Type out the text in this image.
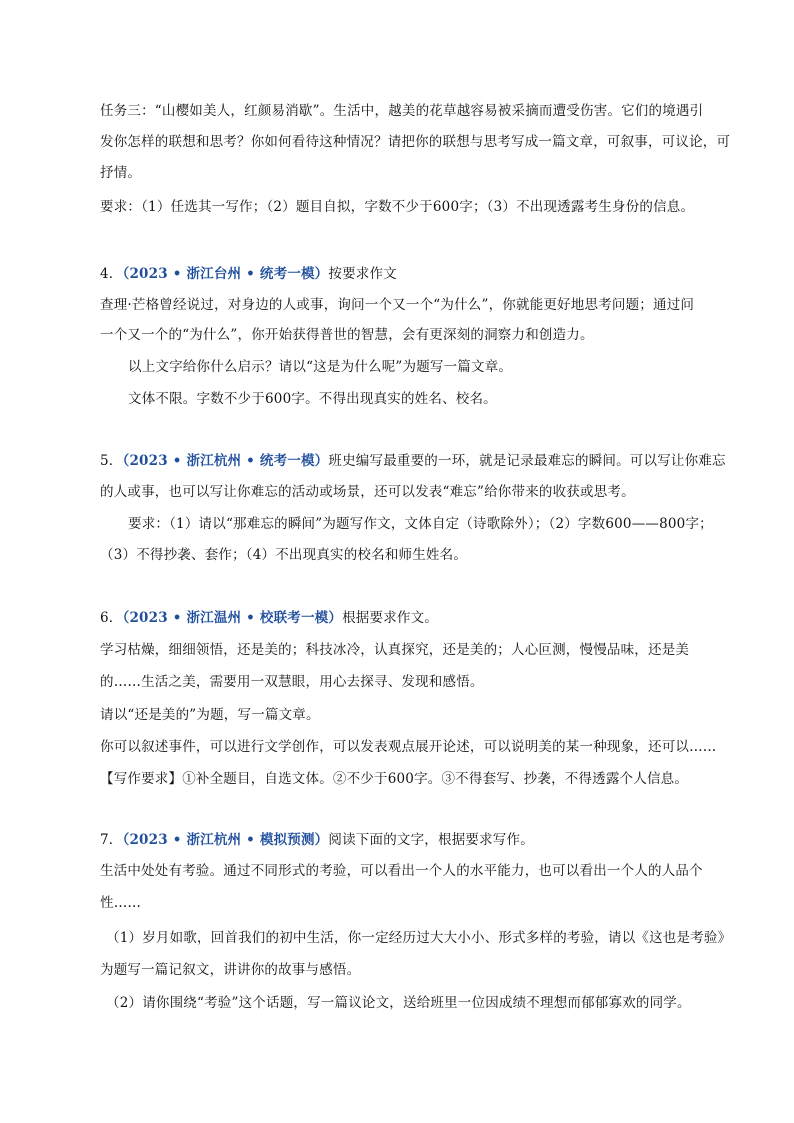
任务三：“山樱如美人，红颜易消歇”。生活中，越美的花草越容易被采摘而遭受伤害。它们的境遇引
发你怎样的联想和思考？你如何看待这种情况？请把你的联想与思考写成一篇文章，可叙事，可议论，可
抒情。
要求：（1）任选其一写作；（2）题目自拟，字数不少于600字；（3）不出现透露考生身份的信息。
4．（2023 • 浙江台州 • 统考一模）按要求作文
查理·芒格曾经说过，对身边的人或事，询问一个又一个“为什么”，你就能更好地思考问题；通过问
一个又一个的“为什么”，你开始获得普世的智慧，会有更深刻的洞察力和创造力。
以上文字给你什么启示？请以“这是为什么呢”为题写一篇文章。
文体不限。字数不少于600字。不得出现真实的姓名、校名。
5．（2023 • 浙江杭州 • 统考一模）班史编写最重要的一环，就是记录最难忘的瞬间。可以写让你难忘
的人或事，也可以写让你难忘的活动或场景，还可以发表“难忘”给你带来的收获或思考。
要求：（1）请以“那难忘的瞬间”为题写作文，文体自定（诗歌除外）；（2）字数600——800字；
（3）不得抄袭、套作；（4）不出现真实的校名和师生姓名。
6．（2023 • 浙江温州 • 校联考一模）根据要求作文。
学习枯燥，细细领悟，还是美的；科技冰冷，认真探究，还是美的；人心叵测，慢慢品味，还是美
的……生活之美，需要用一双慧眼，用心去探寻、发现和感悟。
请以“还是美的”为题，写一篇文章。
你可以叙述事件，可以进行文学创作，可以发表观点展开论述，可以说明美的某一种现象，还可以……
【写作要求】①补全题目，自选文体。②不少于600字。③不得套写、抄袭，不得透露个人信息。
7．（2023 • 浙江杭州 • 模拟预测）阅读下面的文字，根据要求写作。
生活中处处有考验。通过不同形式的考验，可以看出一个人的水平能力，也可以看出一个人的人品个
性……
（1）岁月如歌，回首我们的初中生活，你一定经历过大大小小、形式多样的考验，请以《这也是考验》
为题写一篇记叙文，讲讲你的故事与感悟。
（2）请你围绕“考验”这个话题，写一篇议论文，送给班里一位因成绩不理想而郁郁寡欢的同学。
